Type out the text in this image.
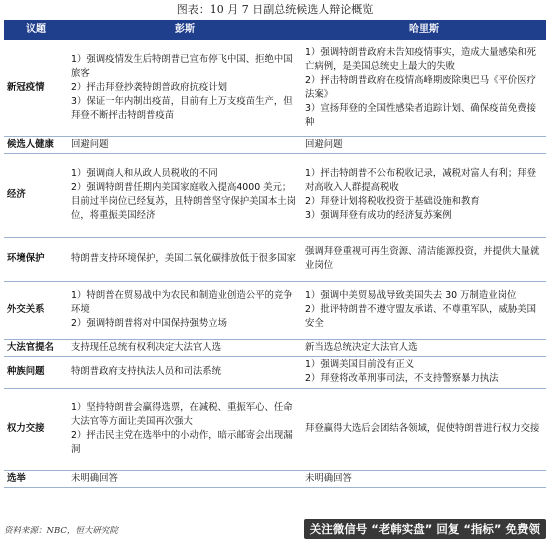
图表：10 月 7 日副总统候选人辩论概览
议题	彭斯	哈里斯
新冠疫情	1）强调疫情发生后特朗普已宣布停飞中国、拒绝中国旅客
2）抨击拜登抄袭特朗普政府抗疫计划
3）保证一年内制出疫苗，目前有上万支疫苗生产，但拜登不断抨击特朗普疫苗	1）强调特朗普政府未告知疫情事实，造成大量感染和死亡病例，是美国总统史上最大的失败
2）抨击特朗普政府在疫情高峰期废除奥巴马《平价医疗法案》
3）宣扬拜登的全国性感染者追踪计划、确保疫苗免费接种

候选人健康	回避问题	回避问题

经济	1）强调商人和从政人员税收的不同
2）强调特朗普任期内美国家庭收入提高4000 美元；目前过半岗位已经复苏，且特朗普坚守保护美国本土岗位，将重振美国经济	1）抨击特朗普不公布税收记录，减税对富人有利；拜登对高收入人群提高税收
2）拜登计划将税收投资于基础设施和教育
3）强调拜登有成功的经济复苏案例

环境保护	特朗普支持环境保护，美国二氧化碳排放低于很多国家	强调拜登重视可再生资源、清洁能源投资，并提供大量就业岗位

外交关系	1）特朗普在贸易战中为农民和制造业创造公平的竞争环境
2）强调特朗普将对中国保持强势立场	1）强调中美贸易战导致美国失去 30 万制造业岗位
2）批评特朗普不遵守盟友承诺、不尊重军队，威胁美国安全

大法官提名	支持现任总统有权利决定大法官人选	新当选总统决定大法官人选

种族问题	特朗普政府支持执法人员和司法系统	1）强调美国目前没有正义
2）拜登将改革刑事司法，不支持警察暴力执法

权力交接	1）坚持特朗普会赢得选票，在减税、重振军心、任命大法官等方面让美国再次强大
2）抨击民主党在选举中的小动作，暗示邮寄会出现漏洞	拜登赢得大选后会团结各领域，促使特朗普进行权力交接

选举	未明确回答	未明确回答
资料来源：NBC，恒大研究院	关注微信号 “老韩实盘” 回复 “指标” 免费领
